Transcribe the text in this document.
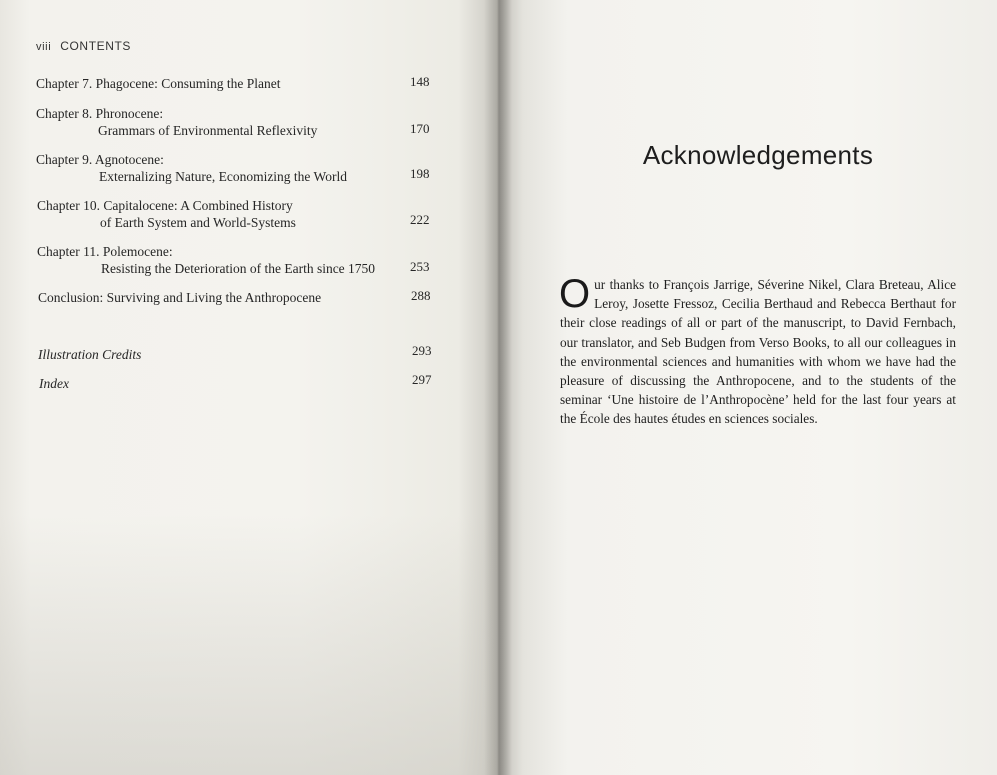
viii CONTENTS
Chapter 7. Phagocene: Consuming the Planet	148
Chapter 8. Phronocene:
Grammars of Environmental Reflexivity	170
Chapter 9. Agnotocene:
Externalizing Nature, Economizing the World	198
Chapter 10. Capitalocene: A Combined History
of Earth System and World-Systems	222
Chapter 11. Polemocene:
Resisting the Deterioration of the Earth since 1750	253
Conclusion: Surviving and Living the Anthropocene	288
Illustration Credits	293
Index	297
Acknowledgements
Our thanks to François Jarrige, Séverine Nikel, Clara Breteau, Alice Leroy, Josette Fressoz, Cecilia Berthaud and Rebecca Berthaut for their close readings of all or part of the manuscript, to David Fernbach, our translator, and Seb Budgen from Verso Books, to all our colleagues in the environmental sciences and humanities with whom we have had the pleasure of discussing the Anthropocene, and to the students of the seminar ‘Une histoire de l’Anthropocène’ held for the last four years at the École des hautes études en sciences sociales.
